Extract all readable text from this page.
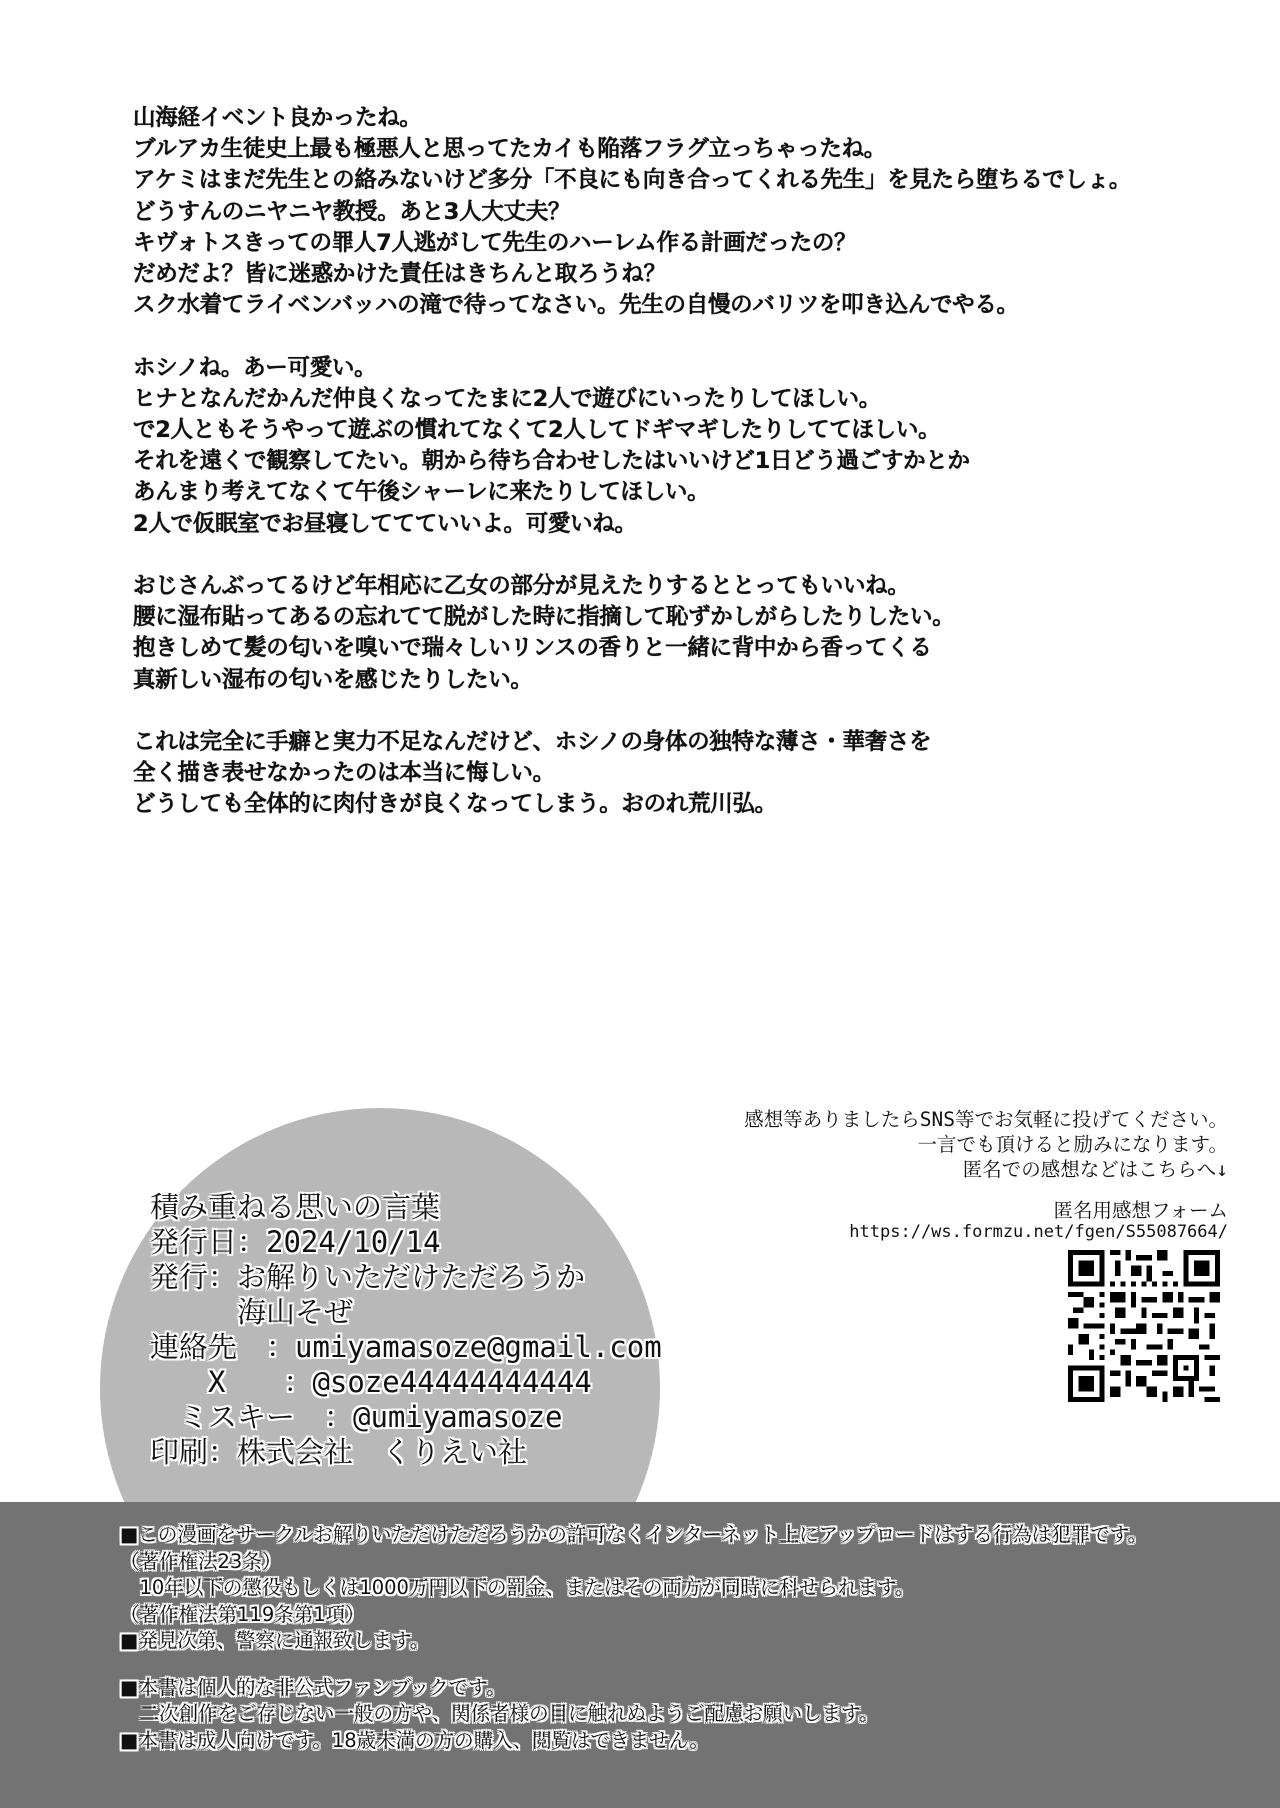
山海経イベント良かったね。

ブルアカ生徒史上最も極悪人と思ってたカイも陥落フラグ立っちゃったね。

アケミはまだ先生との絡みないけど多分「不良にも向き合ってくれる先生」を見たら堕ちるでしょ。

どうすんのニヤニヤ教授。あと3人大丈夫？

キヴォトスきっての罪人7人逃がして先生のハーレム作る計画だったの？

だめだよ？皆に迷惑かけた責任はきちんと取ろうね？

スク水着てライベンバッハの滝で待ってなさい。先生の自慢のバリツを叩き込んでやる。

ホシノね。あー可愛い。

ヒナとなんだかんだ仲良くなってたまに2人で遊びにいったりしてほしい。

で2人ともそうやって遊ぶの慣れてなくて2人してドギマギしたりしててほしい。

それを遠くで観察してたい。朝から待ち合わせしたはいいけど1日どう過ごすかとか

あんまり考えてなくて午後シャーレに来たりしてほしい。

2人で仮眠室でお昼寝しててていいよ。可愛いね。

おじさんぶってるけど年相応に乙女の部分が見えたりするととってもいいね。

腰に湿布貼ってあるの忘れてて脱がした時に指摘して恥ずかしがらしたりしたい。

抱きしめて髪の匂いを嗅いで瑞々しいリンスの香りと一緒に背中から香ってくる

真新しい湿布の匂いを感じたりしたい。

これは完全に手癖と実力不足なんだけど、ホシノの身体の独特な薄さ・華奢さを

全く描き表せなかったのは本当に悔しい。

どうしても全体的に肉付きが良くなってしまう。おのれ荒川弘。

積み重ねる思いの言葉
発行日：2024/10/14
発行：お解りいただけただろうか
　　　海山そぜ
連絡先　：umiyamasoze@gmail.com
　　X　　：@soze44444444444
　ミスキー　：@umiyamasoze
印刷：株式会社　くりえい社
感想等ありましたらSNS等でお気軽に投げてください。
一言でも頂けると励みになります。
匿名での感想などはこちらへ↓
匿名用感想フォーム
https://ws.formzu.net/fgen/S55087664/
■この漫画をサークルお解りいただけただろうかの許可なくインターネット上にアップロードはする行為は犯罪です。
（著作権法23条）
　10年以下の懲役もしくは1000万円以下の罰金、またはその両方が同時に科せられます。
（著作権法第119条第1項）
■発見次第、警察に通報致します。
■本書は個人的な非公式ファンブックです。
　二次創作をご存じない一般の方や、関係者様の目に触れぬようご配慮お願いします。
■本書は成人向けです。18歳未満の方の購入、閲覧はできません。
